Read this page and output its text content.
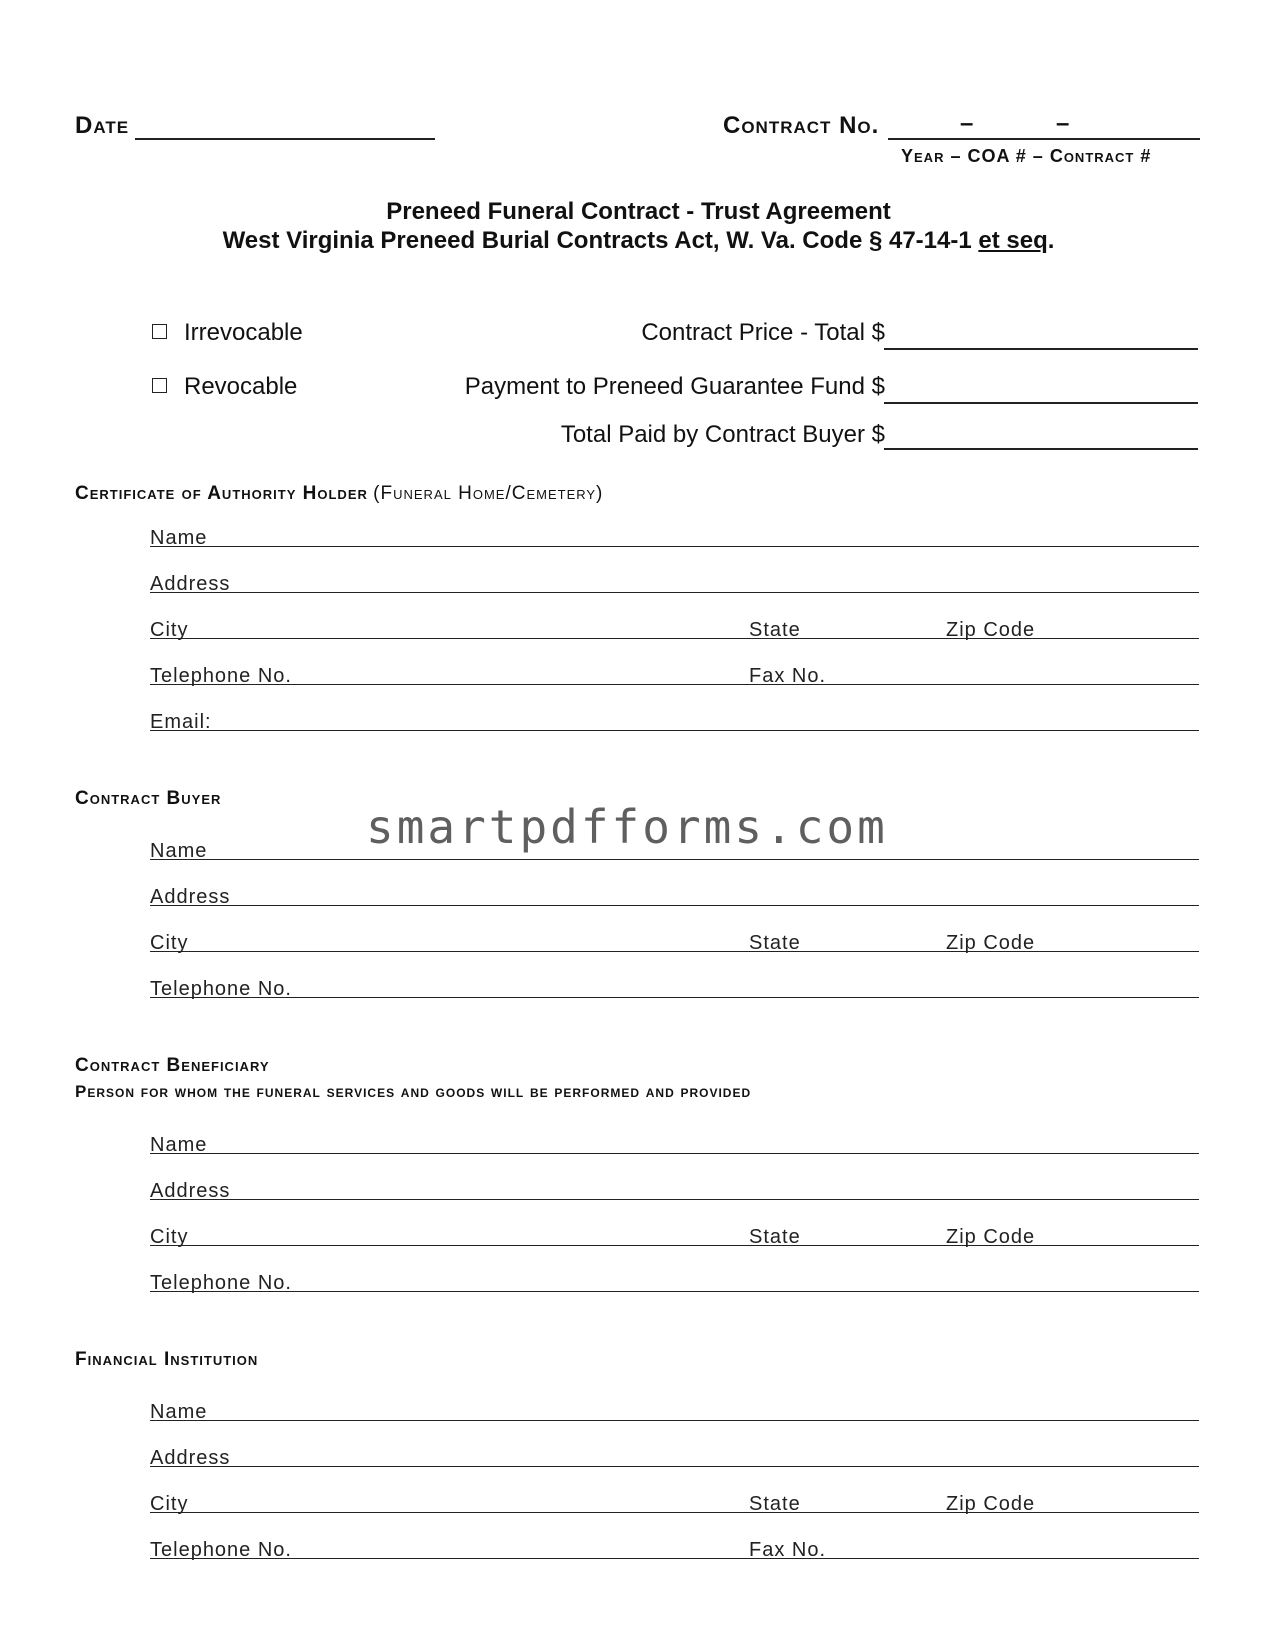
Date	Contract No.	–	–
Year – COA # – Contract #
Preneed Funeral Contract - Trust Agreement
West Virginia Preneed Burial Contracts Act, W. Va. Code § 47-14-1 et seq.
Irrevocable
Revocable
Contract Price - Total $
Payment to Preneed Guarantee Fund $
Total Paid by Contract Buyer $
Certificate of Authority Holder (Funeral Home/Cemetery)
Name
Address
City	State	Zip Code
Telephone No.	Fax No.
Email:
Contract Buyer
Name
Address
City	State	Zip Code
Telephone No.
Contract Beneficiary
Person for whom the funeral services and goods will be performed and provided
Name
Address
City	State	Zip Code
Telephone No.
Financial Institution
Name
Address
City	State	Zip Code
Telephone No.	Fax No.
smartpdfforms.com
